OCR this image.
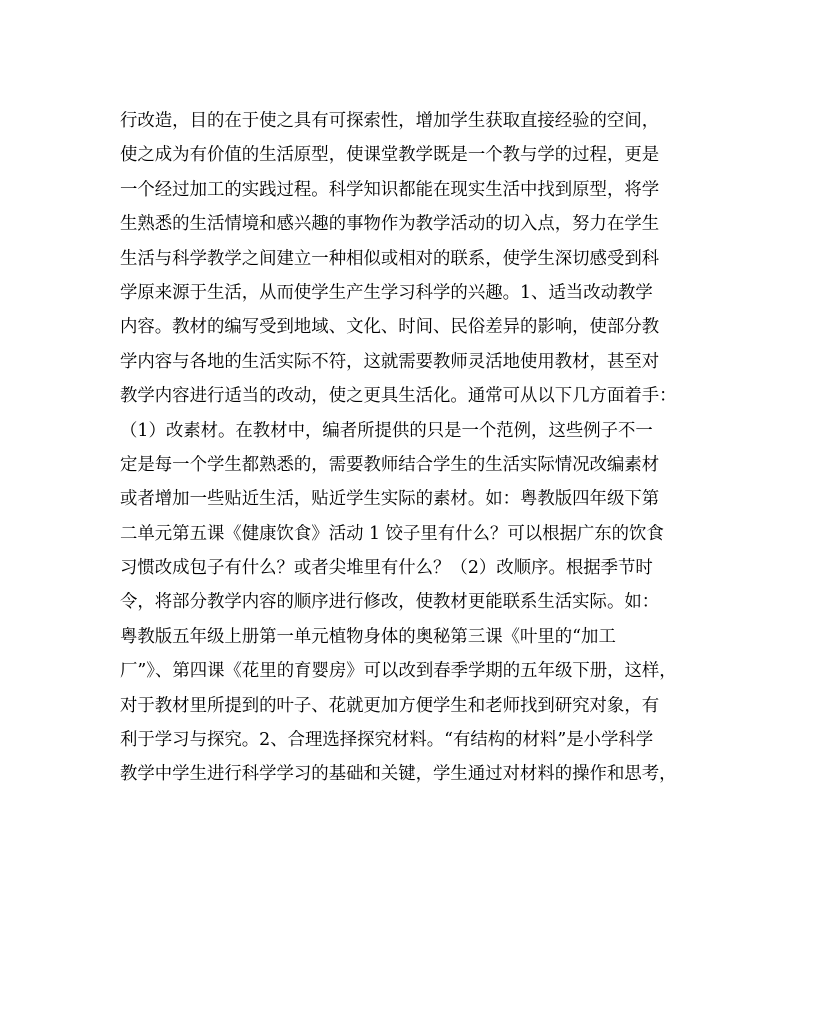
行改造，目的在于使之具有可探索性，增加学生获取直接经验的空间，
使之成为有价值的生活原型，使课堂教学既是一个教与学的过程，更是
一个经过加工的实践过程。科学知识都能在现实生活中找到原型，将学
生熟悉的生活情境和感兴趣的事物作为教学活动的切入点，努力在学生
生活与科学教学之间建立一种相似或相对的联系，使学生深切感受到科
学原来源于生活，从而使学生产生学习科学的兴趣。1、适当改动教学
内容。教材的编写受到地域、文化、时间、民俗差异的影响，使部分教
学内容与各地的生活实际不符，这就需要教师灵活地使用教材，甚至对
教学内容进行适当的改动，使之更具生活化。通常可从以下几方面着手：
（1）改素材。在教材中，编者所提供的只是一个范例，这些例子不一
定是每一个学生都熟悉的，需要教师结合学生的生活实际情况改编素材
或者增加一些贴近生活，贴近学生实际的素材。如：粤教版四年级下第
二单元第五课《健康饮食》活动 1 饺子里有什么？可以根据广东的饮食
习惯改成包子有什么？或者尖堆里有什么？（2）改顺序。根据季节时
令，将部分教学内容的顺序进行修改，使教材更能联系生活实际。如：
粤教版五年级上册第一单元植物身体的奥秘第三课《叶里的“加工
厂”》、第四课《花里的育婴房》可以改到春季学期的五年级下册，这样，
对于教材里所提到的叶子、花就更加方便学生和老师找到研究对象，有
利于学习与探究。2、合理选择探究材料。“有结构的材料”是小学科学
教学中学生进行科学学习的基础和关键，学生通过对材料的操作和思考，
